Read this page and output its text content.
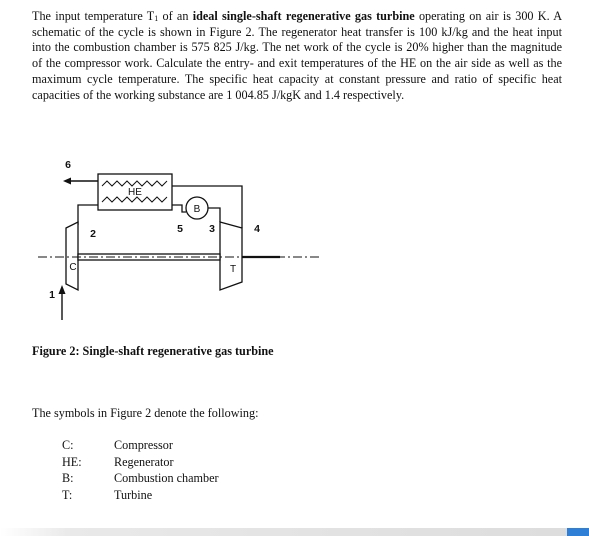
The input temperature $T_1$ of an ideal single-shaft regenerative gas turbine operating on air is 300 K. A schematic of the cycle is shown in Figure 2. The regenerator heat transfer is 100 kJ/kg and the heat input into the combustion chamber is 575 825 J/kg. The net work of the cycle is 20% higher than the magnitude of the compressor work. Calculate the entry- and exit temperatures of the HE on the air side as well as the maximum cycle temperature. The specific heat capacity at constant pressure and ratio of specific heat capacities of the working substance are 1 004.85 J/kgK and 1.4 respectively.
HE
B
C	T
6
2	5 3	4
1
Figure 2: Single-shaft regenerative gas turbine
The symbols in Figure 2 denote the following:
C:	Compressor
HE:	Regenerator
B:	Combustion chamber
T:	Turbine
